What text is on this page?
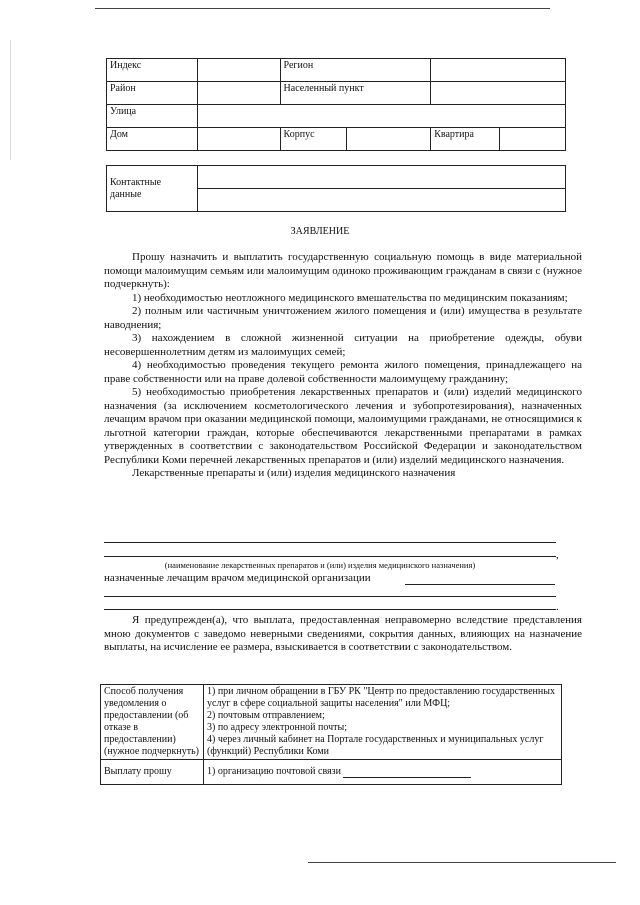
Индекс		Регион			
Район		Населенный пункт			
Улица					
Дом		Корпус		Квартира	
Контактные данные	

ЗАЯВЛЕНИЕ

Прошу назначить и выплатить государственную социальную помощь в виде материальной помощи малоимущим семьям или малоимущим одиноко проживающим гражданам в связи с (нужное подчеркнуть):

1) необходимостью неотложного медицинского вмешательства по медицинским показаниям;

2) полным или частичным уничтожением жилого помещения и (или) имущества в результате наводнения;

3) нахождением в сложной жизненной ситуации на приобретение одежды, обуви несовершеннолетним детям из малоимущих семей;

4) необходимостью проведения текущего ремонта жилого помещения, принадлежащего на праве собственности или на праве долевой собственности малоимущему гражданину;

5) необходимостью приобретения лекарственных препаратов и (или) изделий медицинского назначения (за исключением косметологического лечения и зубопротезирования), назначенных лечащим врачом при оказании медицинской помощи, малоимущими гражданами, не относящимися к льготной категории граждан, которые обеспечиваются лекарственными препаратами в рамках утвержденных в соответствии с законодательством Российской Федерации и законодательством Республики Коми перечней лекарственных препаратов и (или) изделий медицинского назначения.

Лекарственные препараты и (или) изделия медицинского назначения

,
(наименование лекарственных препаратов и (или) изделия медицинского назначения)
назначенные лечащим врачом медицинской организации
.

Я предупрежден(а), что выплата, предоставленная неправомерно вследствие представления мною документов с заведомо неверными сведениями, сокрытия данных, влияющих на назначение выплаты, на исчисление ее размера, взыскивается в соответствии с законодательством.

Способ получения уведомления о предоставлении (об отказе в предоставлении) (нужное подчеркнуть)	1) при личном обращении в ГБУ РК "Центр по предоставлению государственных услуг в сфере социальной защиты населения" или МФЦ;
2) почтовым отправлением;
3) по адресу электронной почты;
4) через личный кабинет на Портале государственных и муниципальных услуг (функций) Республики Коми

Выплату прошу	1) организацию почтовой связи
